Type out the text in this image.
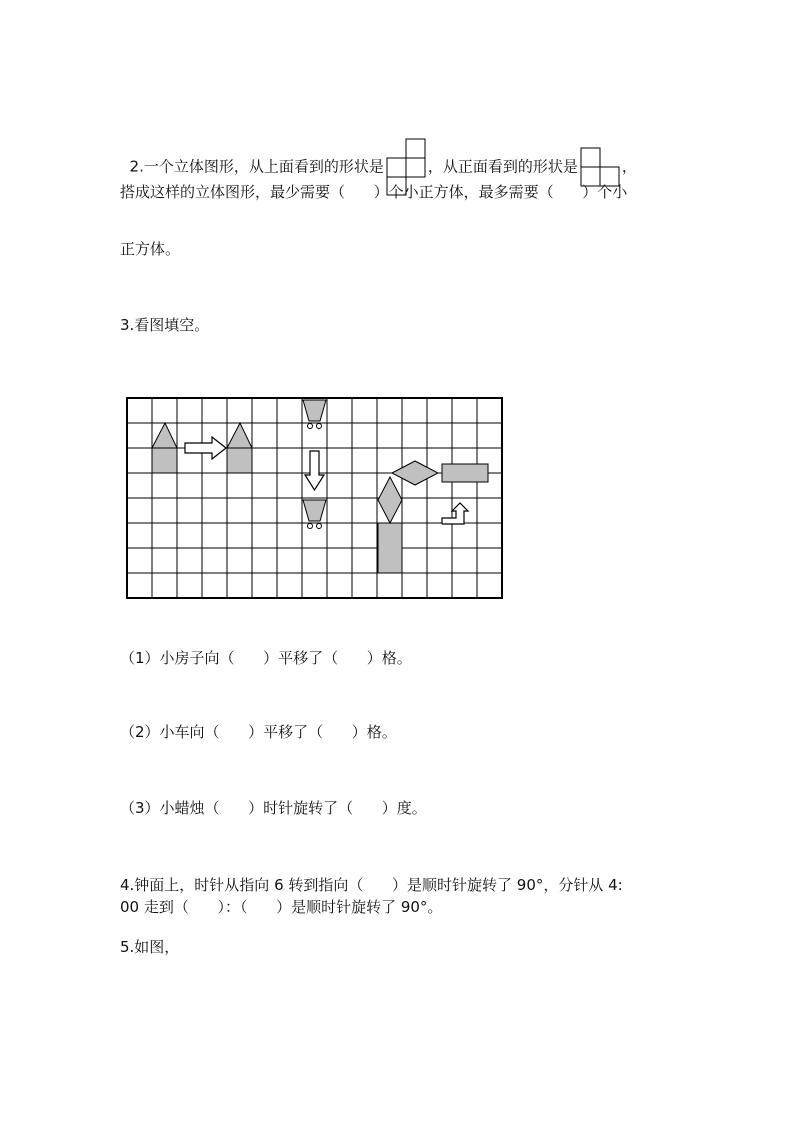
2.一个立体图形，从上面看到的形状是	，从正面看到的形状是	，

搭成这样的立体图形，最少需要（      ）个小正方体，最多需要（      ）个小
正方体。
3.看图填空。
（1）小房子向（      ）平移了（      ）格。
（2）小车向（      ）平移了（      ）格。
（3）小蜡烛（      ）时针旋转了（      ）度。
4.钟面上，时针从指向 6 转到指向（      ）是顺时针旋转了 90°，分针从 4:
00 走到（      ）：（      ）是顺时针旋转了 90°。
5.如图，
